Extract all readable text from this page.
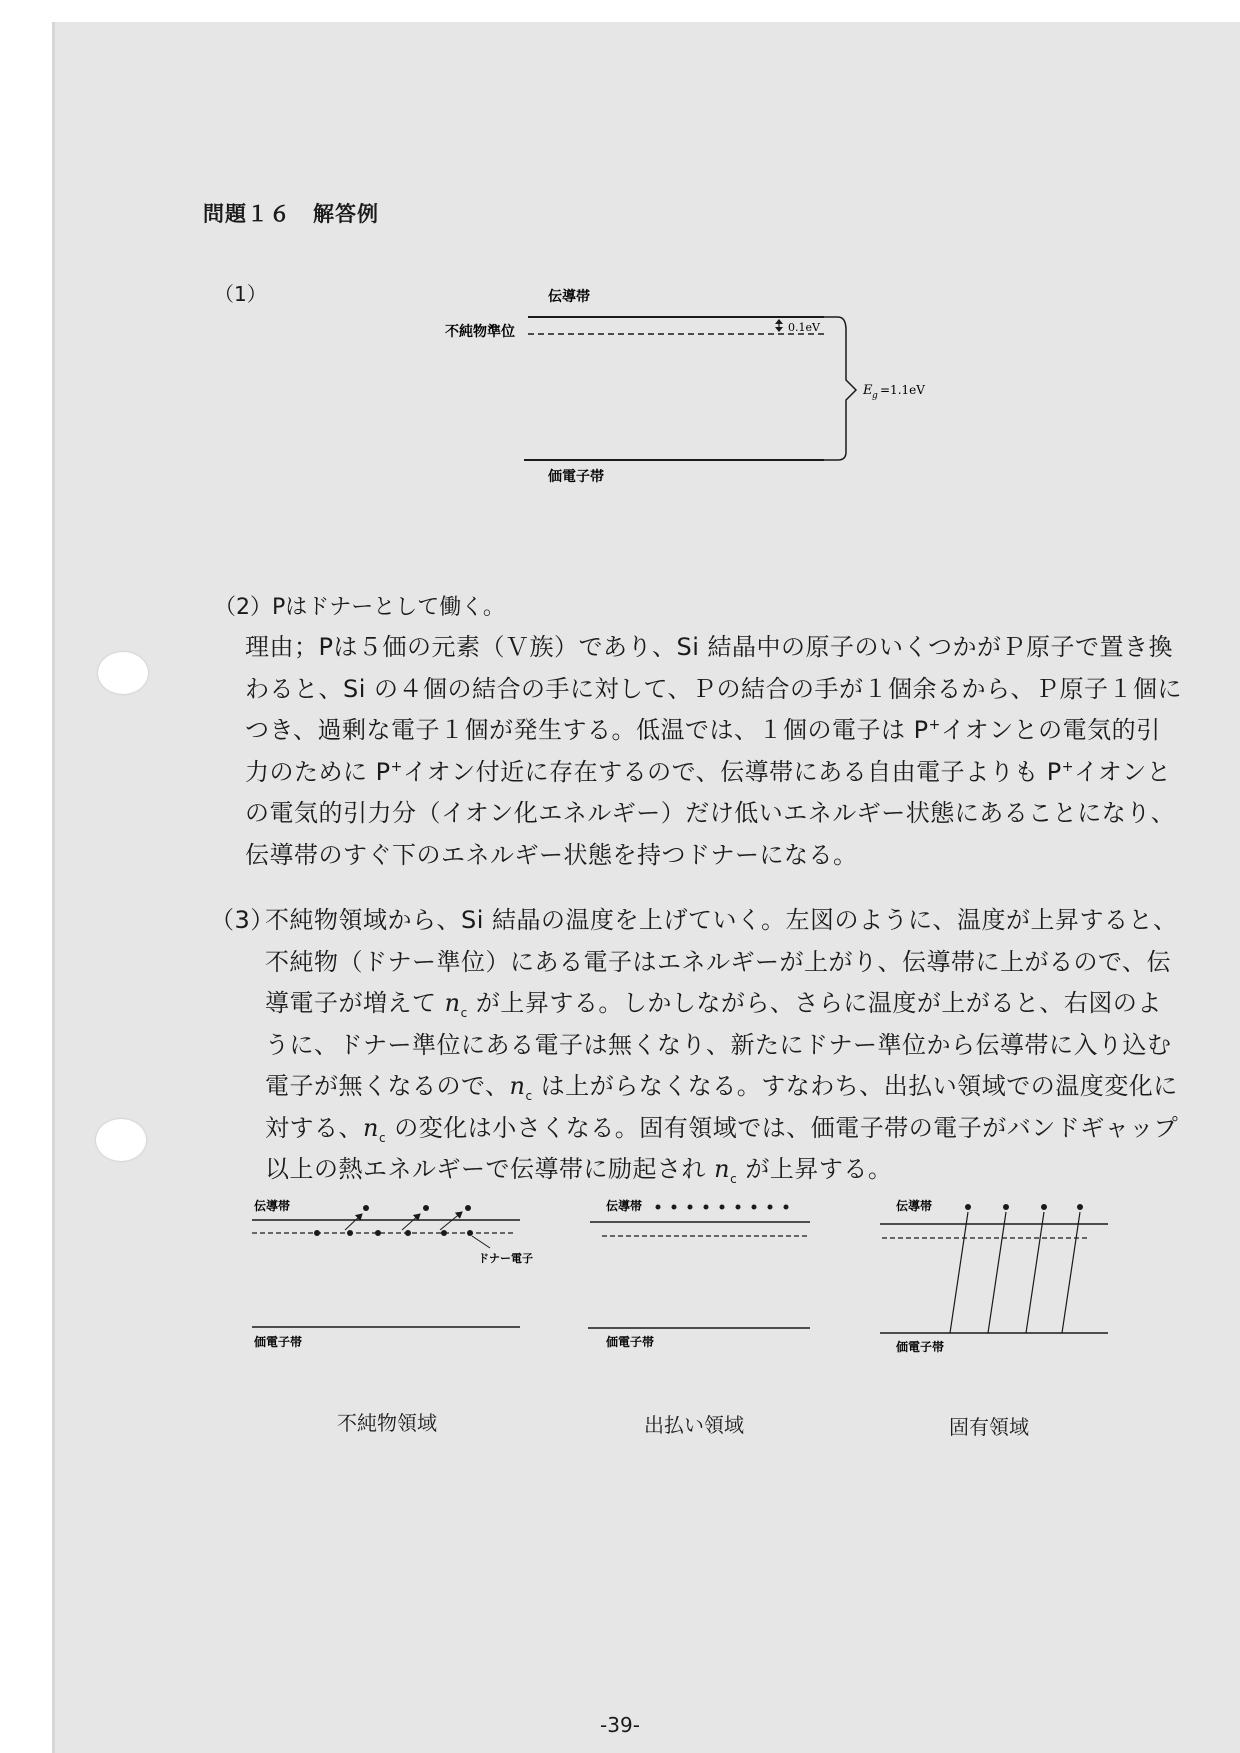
問題１６　解答例
（1）	伝導帯
不純物準位	0.1eV
E g =1.1eV
価電子帯
（2）Pはドナーとして働く。

理由；Pは５価の元素（Ｖ族）であり、Si 結晶中の原子のいくつかがＰ原子で置き換わると、Si の４個の結合の手に対して、Ｐの結合の手が１個余るから、Ｐ原子１個につき、過剰な電子１個が発生する。低温では、１個の電子は P+イオンとの電気的引力のために P+イオン付近に存在するので、伝導帯にある自由電子よりも P+イオンとの電気的引力分（イオン化エネルギー）だけ低いエネルギー状態にあることになり、伝導帯のすぐ下のエネルギー状態を持つドナーになる。

（3）

不純物領域から、Si 結晶の温度を上げていく。左図のように、温度が上昇すると、不純物（ドナー準位）にある電子はエネルギーが上がり、伝導帯に上がるので、伝導電子が増えて $n_c$ が上昇する。しかしながら、さらに温度が上がると、右図のように、ドナー準位にある電子は無くなり、新たにドナー準位から伝導帯に入り込む電子が無くなるので、$n_c$ は上がらなくなる。すなわち、出払い領域での温度変化に対する、$n_c$ の変化は小さくなる。固有領域では、価電子帯の電子がバンドギャップ以上の熱エネルギーで伝導帯に励起され $n_c$ が上昇する。

伝導帯
ドナー電子
価電子帯
伝導帯
価電子帯
伝導帯
価電子帯
不純物領域	出払い領域	固有領域
-39-
